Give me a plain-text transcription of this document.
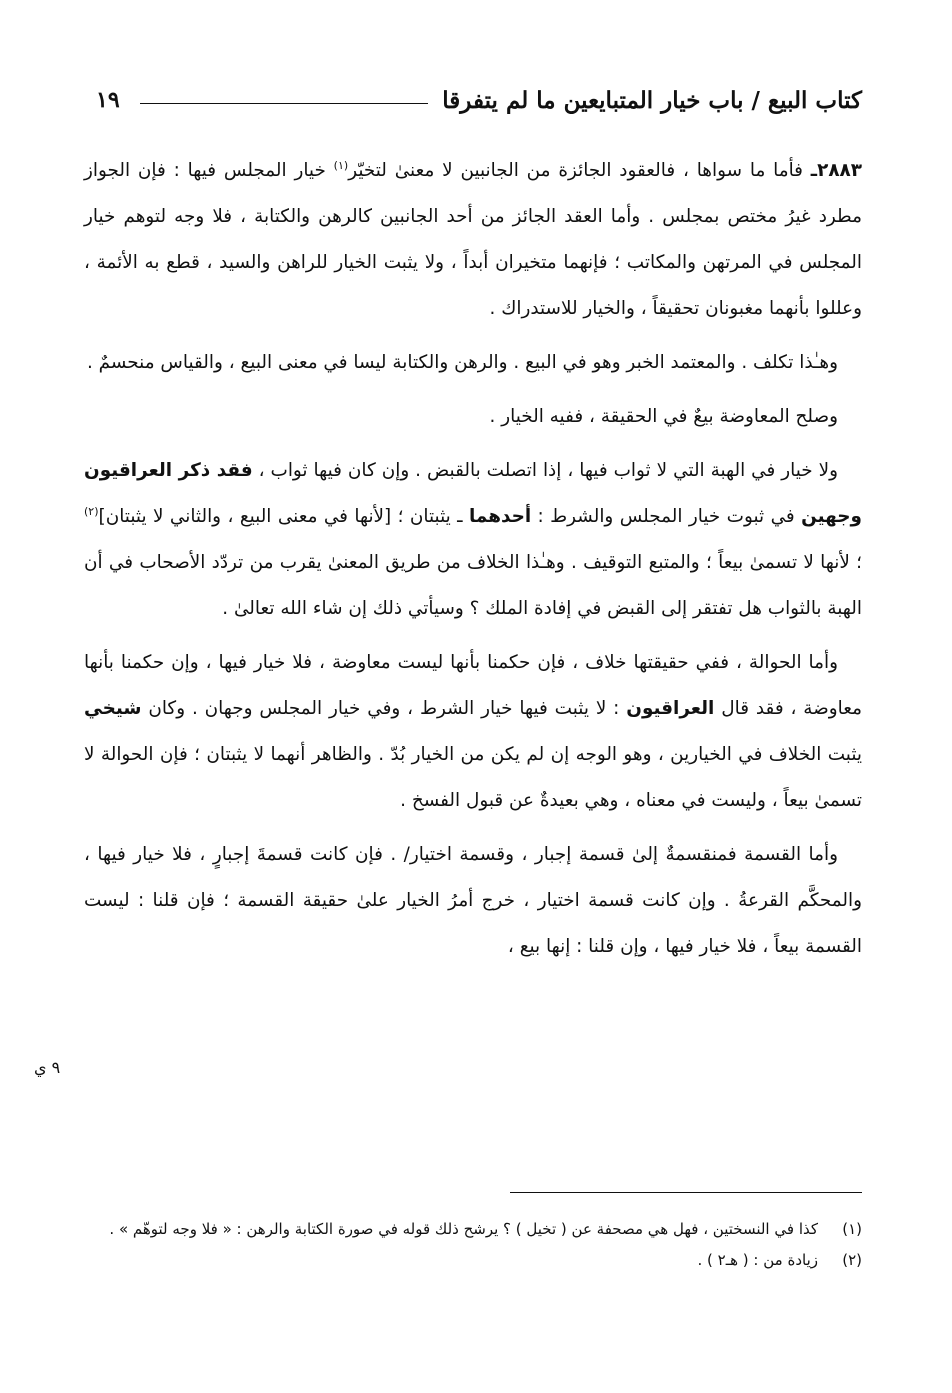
كتاب البيع / باب خيار المتبايعين ما لم يتفرقا
١٩

٢٨٨٣ـ فأما ما سواها ، فالعقود الجائزة من الجانبين لا معنىٰ لتخيّر$^{(١)}$ خيار المجلس فيها : فإن الجواز مطرد غيرُ مختص بمجلس . وأما العقد الجائز من أحد الجانبين كالرهن والكتابة ، فلا وجه لتوهم خيار المجلس في المرتهن والمكاتب ؛ فإنهما متخيران أبداً ، ولا يثبت الخيار للراهن والسيد ، قطع به الأئمة ، وعللوا بأنهما مغبونان تحقيقاً ، والخيار للاستدراك .

وهـٰذا تكلف . والمعتمد الخبر وهو في البيع . والرهن والكتابة ليسا في معنى البيع ، والقياس منحسمٌ .

وصلح المعاوضة بيعٌ في الحقيقة ، ففيه الخيار .

ولا خيار في الهبة التي لا ثواب فيها ، إذا اتصلت بالقبض . وإن كان فيها ثواب ، فقد ذكر العراقيون وجهين في ثبوت خيار المجلس والشرط : أحدهما ـ يثبتان ؛ [لأنها في معنى البيع ، والثاني لا يثبتان]$^{(٢)}$ ؛ لأنها لا تسمىٰ بيعاً ؛ والمتبع التوقيف . وهـٰذا الخلاف من طريق المعنىٰ يقرب من تردّد الأصحاب في أن الهبة بالثواب هل تفتقر إلى القبض في إفادة الملك ؟ وسيأتي ذلك إن شاء الله تعالىٰ .

وأما الحوالة ، ففي حقيقتها خلاف ، فإن حكمنا بأنها ليست معاوضة ، فلا خيار فيها ، وإن حكمنا بأنها معاوضة ، فقد قال العراقيون : لا يثبت فيها خيار الشرط ، وفي خيار المجلس وجهان . وكان شيخي يثبت الخلاف في الخيارين ، وهو الوجه إن لم يكن من الخيار بُدّ . والظاهر أنهما لا يثبتان ؛ فإن الحوالة لا تسمىٰ بيعاً ، وليست في معناه ، وهي بعيدةٌ عن قبول الفسخ .

وأما القسمة فمنقسمةٌ إلىٰ قسمة إجبار ، وقسمة اختيار/ . فإن كانت قسمةَ إجبارٍ ، فلا خيار فيها ، والمحكَّم القرعةُ . وإن كانت قسمة اختيار ، خرج أمرُ الخيار علىٰ حقيقة القسمة ؛ فإن قلنا : ليست القسمة بيعاً ، فلا خيار فيها ، وإن قلنا : إنها بيع ،

٩ ي
(١)
كذا في النسختين ، فهل هي مصحفة عن ( تخيل ) ؟ يرشح ذلك قوله في صورة الكتابة والرهن : « فلا وجه لتوهّم » .
(٢)
زيادة من : ( هـ٢ ) .
